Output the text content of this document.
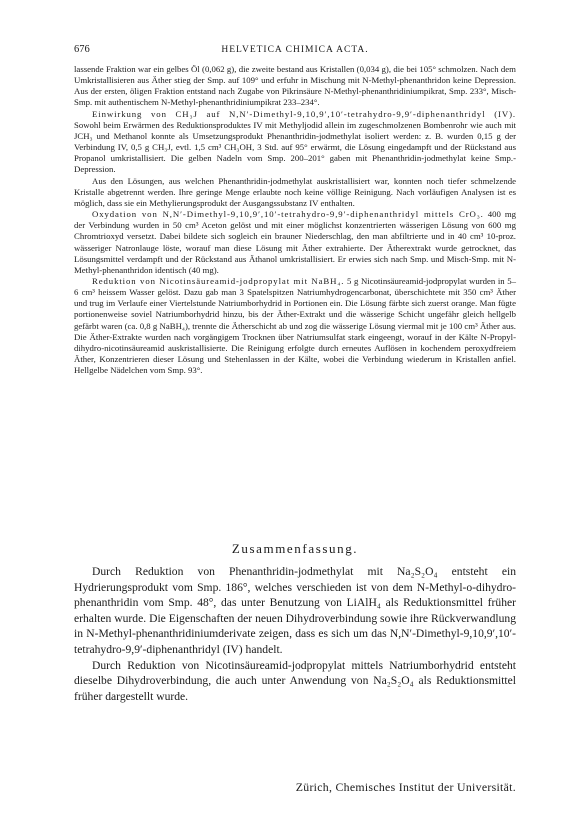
676	HELVETICA CHIMICA ACTA.

lassende Fraktion war ein gelbes Öl (0,062 g), die zweite bestand aus Kristallen (0,034 g), die bei 105° schmolzen. Nach dem Umkristallisieren aus Äther stieg der Smp. auf 109° und erfuhr in Mischung mit N-Methyl-phenanthridon keine Depression. Aus der ersten, öligen Fraktion entstand nach Zugabe von Pikrinsäure N-Methyl-phenanthridiniumpikrat, Smp. 233°, Misch-Smp. mit authentischem N-Methyl-phenanthridiniumpikrat 233–234°.

Einwirkung von CH₃J auf N,N′-Dimethyl-9,10,9′,10′-tetrahydro-9,9′-diphenanthridyl (IV). Sowohl beim Erwärmen des Reduktionsproduktes IV mit Methyljodid allein im zugeschmolzenen Bombenrohr wie auch mit JCH₃ und Methanol konnte als Umsetzungsprodukt Phenanthridin-jodmethylat isoliert werden: z. B. wurden 0,15 g der Verbindung IV, 0,5 g CH₃J, evtl. 1,5 cm³ CH₃OH, 3 Std. auf 95° erwärmt, die Lösung eingedampft und der Rückstand aus Propanol umkristallisiert. Die gelben Nadeln vom Smp. 200–201° gaben mit Phenanthridin-jodmethylat keine Smp.-Depression.

Aus den Lösungen, aus welchen Phenanthridin-jodmethylat auskristallisiert war, konnten noch tiefer schmelzende Kristalle abgetrennt werden. Ihre geringe Menge erlaubte noch keine völlige Reinigung. Nach vorläufigen Analysen ist es möglich, dass sie ein Methylierungsprodukt der Ausgangssubstanz IV enthalten.

Oxydation von N,N′-Dimethyl-9,10,9′,10′-tetrahydro-9,9′-diphenanthridyl mittels CrO₃. 400 mg der Verbindung wurden in 50 cm³ Aceton gelöst und mit einer möglichst konzentrierten wässerigen Lösung von 600 mg Chromtrioxyd versetzt. Dabei bildete sich sogleich ein brauner Niederschlag, den man abfiltrierte und in 40 cm³ 10-proz. wässeriger Natronlauge löste, worauf man diese Lösung mit Äther extrahierte. Der Ätherextrakt wurde getrocknet, das Lösungsmittel verdampft und der Rückstand aus Äthanol umkristallisiert. Er erwies sich nach Smp. und Misch-Smp. mit N-Methyl-phenanthridon identisch (40 mg).

Reduktion von Nicotinsäureamid-jodpropylat mit NaBH₄. 5 g Nicotinsäureamid-jodpropylat wurden in 5–6 cm³ heissem Wasser gelöst. Dazu gab man 3 Spatelspitzen Natriumhydrogencarbonat, überschichtete mit 350 cm³ Äther und trug im Verlaufe einer Viertelstunde Natriumborhydrid in Portionen ein. Die Lösung färbte sich zuerst orange. Man fügte portionenweise soviel Natriumborhydrid hinzu, bis der Äther-Extrakt und die wässerige Schicht ungefähr gleich hellgelb gefärbt waren (ca. 0,8 g NaBH₄), trennte die Ätherschicht ab und zog die wässerige Lösung viermal mit je 100 cm³ Äther aus. Die Äther-Extrakte wurden nach vorgängigem Trocknen über Natriumsulfat stark eingeengt, worauf in der Kälte N-Propyl-dihydro-nicotinsäureamid auskristallisierte. Die Reinigung erfolgte durch erneutes Auflösen in kochendem peroxydfreiem Äther, Konzentrieren dieser Lösung und Stehenlassen in der Kälte, wobei die Verbindung wiederum in Kristallen anfiel. Hellgelbe Nädelchen vom Smp. 93°.

Zusammenfassung.

Durch Reduktion von Phenanthridin-jodmethylat mit Na₂S₂O₄ entsteht ein Hydrierungsprodukt vom Smp. 186°, welches verschieden ist von dem N-Methyl-o-dihydro-phenanthridin vom Smp. 48°, das unter Benutzung von LiAlH₄ als Reduktionsmittel früher erhalten wurde. Die Eigenschaften der neuen Dihydroverbindung sowie ihre Rückverwandlung in N-Methyl-phenanthridiniumderivate zeigen, dass es sich um das N,N′-Dimethyl-9,10,9′,10′-tetrahydro-9,9′-diphenanthridyl (IV) handelt.

Durch Reduktion von Nicotinsäureamid-jodpropylat mittels Natriumborhydrid entsteht dieselbe Dihydroverbindung, die auch unter Anwendung von Na₂S₂O₄ als Reduktionsmittel früher dargestellt wurde.

Zürich, Chemisches Institut der Universität.
